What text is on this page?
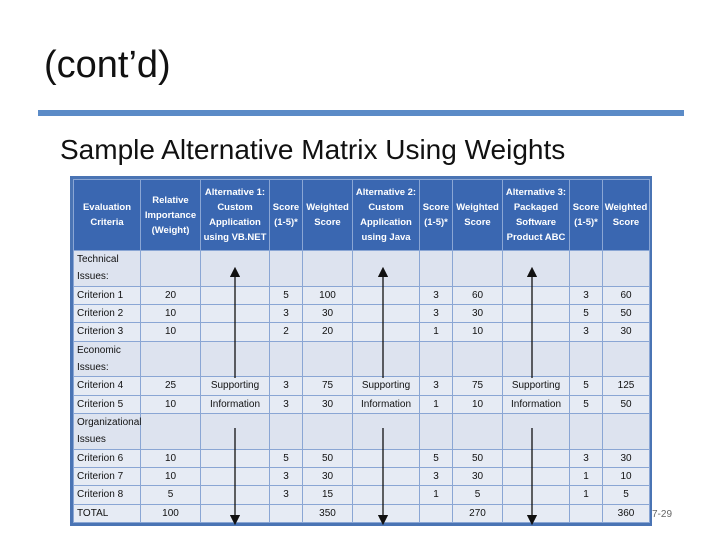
(cont’d)
Sample Alternative Matrix Using Weights
Evaluation Criteria	Relative Importance (Weight)	Alternative 1: Custom Application using VB.NET	Score (1-5)*	Weighted Score	Alternative 2: Custom Application using Java	Score (1-5)*	Weighted Score	Alternative 3: Packaged Software Product ABC	Score (1-5)*	Weighted Score
Technical Issues:										
Criterion 1	20		5	100		3	60		3	60
Criterion 2	10		3	30		3	30		5	50
Criterion 3	10		2	20		1	10		3	30
Economic Issues:										
Criterion 4	25	Supporting	3	75	Supporting	3	75	Supporting	5	125
Criterion 5	10	Information	3	30	Information	1	10	Information	5	50
Organizational Issues										
Criterion 6	10		5	50		5	50		3	30
Criterion 7	10		3	30		3	30		1	10
Criterion 8	5		3	15		1	5		1	5
TOTAL	100			350			270			360 7-29
